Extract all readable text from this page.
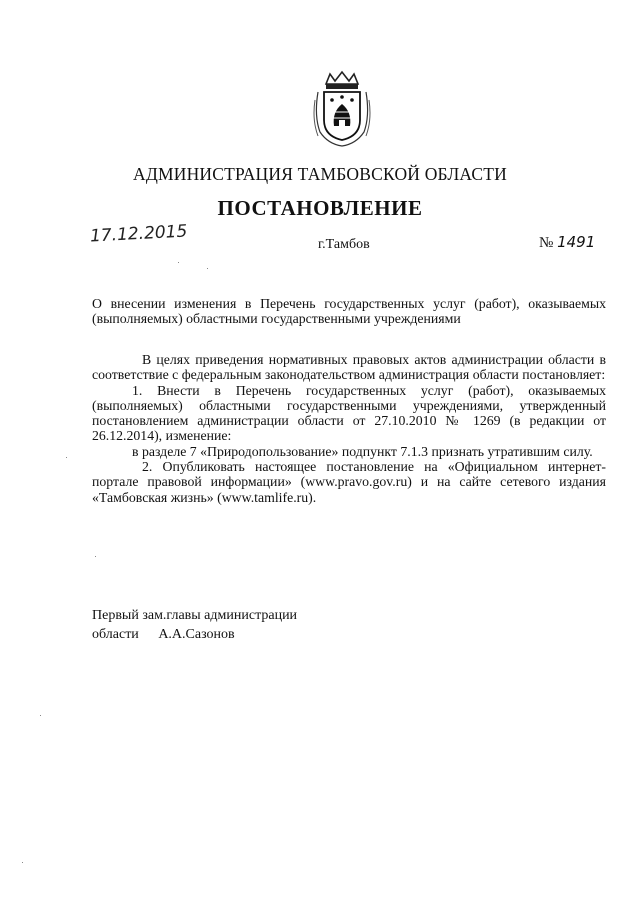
АДМИНИСТРАЦИЯ ТАМБОВСКОЙ ОБЛАСТИ
ПОСТАНОВЛЕНИЕ
17.12.2015	г.Тамбов	№ 1491
О внесении изменения в Перечень государственных услуг (работ), оказываемых (выполняемых) областными государственными учреждениями

В целях приведения нормативных правовых актов администрации области в соответствие с федеральным законодательством администрация области постановляет:

1. Внести в Перечень государственных услуг (работ), оказываемых (выполняемых) областными государственными учреждениями, утвержденный постановлением администрации области от 27.10.2010 № 1269 (в редакции от 26.12.2014), изменение:

в разделе 7 «Природопользование» подпункт 7.1.3 признать утратившим силу.

2. Опубликовать настоящее постановление на «Официальном интернет-портале правовой информации» (www.pravo.gov.ru) и на сайте сетевого издания «Тамбовская жизнь» (www.tamlife.ru).

Первый зам.главы администрации
области А.А.Сазонов
